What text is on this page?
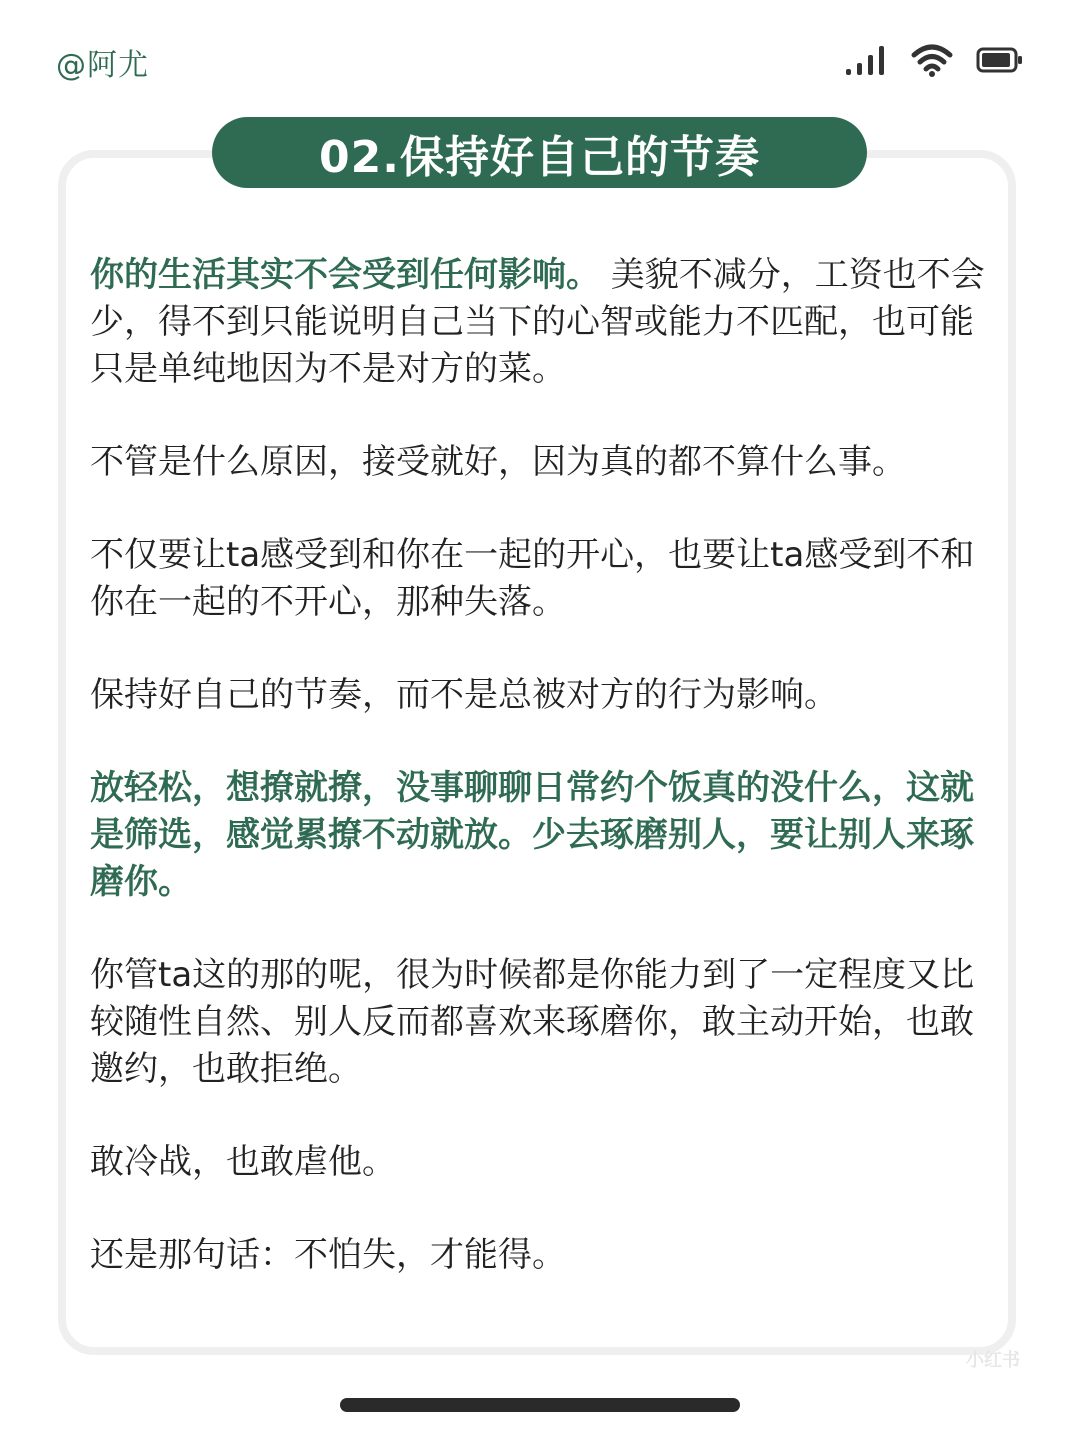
@阿尤
02.保持好自己的节奏

你的生活其实不会受到任何影响。 美貌不减分，工资也不会少，得不到只能说明自己当下的心智或能力不匹配，也可能只是单纯地因为不是对方的菜。

不管是什么原因，接受就好，因为真的都不算什么事。

不仅要让ta感受到和你在一起的开心，也要让ta感受到不和你在一起的不开心，那种失落。

保持好自己的节奏，而不是总被对方的行为影响。

放轻松，想撩就撩，没事聊聊日常约个饭真的没什么，这就是筛选，感觉累撩不动就放。少去琢磨别人，要让别人来琢磨你。

你管ta这的那的呢，很为时候都是你能力到了一定程度又比较随性自然、别人反而都喜欢来琢磨你，敢主动开始，也敢邀约，也敢拒绝。

敢冷战，也敢虐他。

还是那句话：不怕失，才能得。

小红书
